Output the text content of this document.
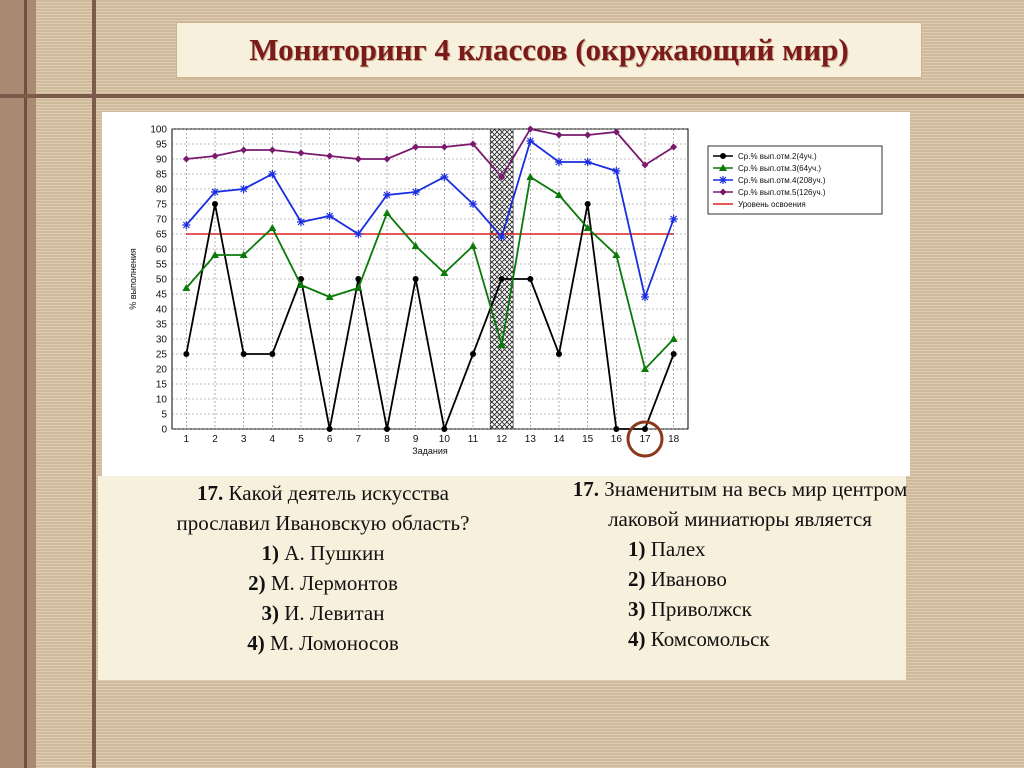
Мониторинг 4 классов (окружающий мир)
0
5
10
15
20
25
30
35
40
45
50
55
60
65
70
75
80
85
90
95
100
1 2 3 4 5 6 7 8 9 10 11 12 13 14 15 16 17 18
Задания
% выполнения
Ср.% вып.отм.2(4уч.)
Ср.% вып.отм.3(64уч.)
Ср.% вып.отм.4(208уч.)
Ср.% вып.отм.5(126уч.)
Уровень освоения
17. Какой деятель искусства
прославил Ивановскую область?
1) А. Пушкин
2) М. Лермонтов
3) И. Левитан
4) М. Ломоносов
17. Знаменитым на весь мир центром
лаковой миниатюры является
1) Палех
2) Иваново
3) Приволжск
4) Комсомольск
